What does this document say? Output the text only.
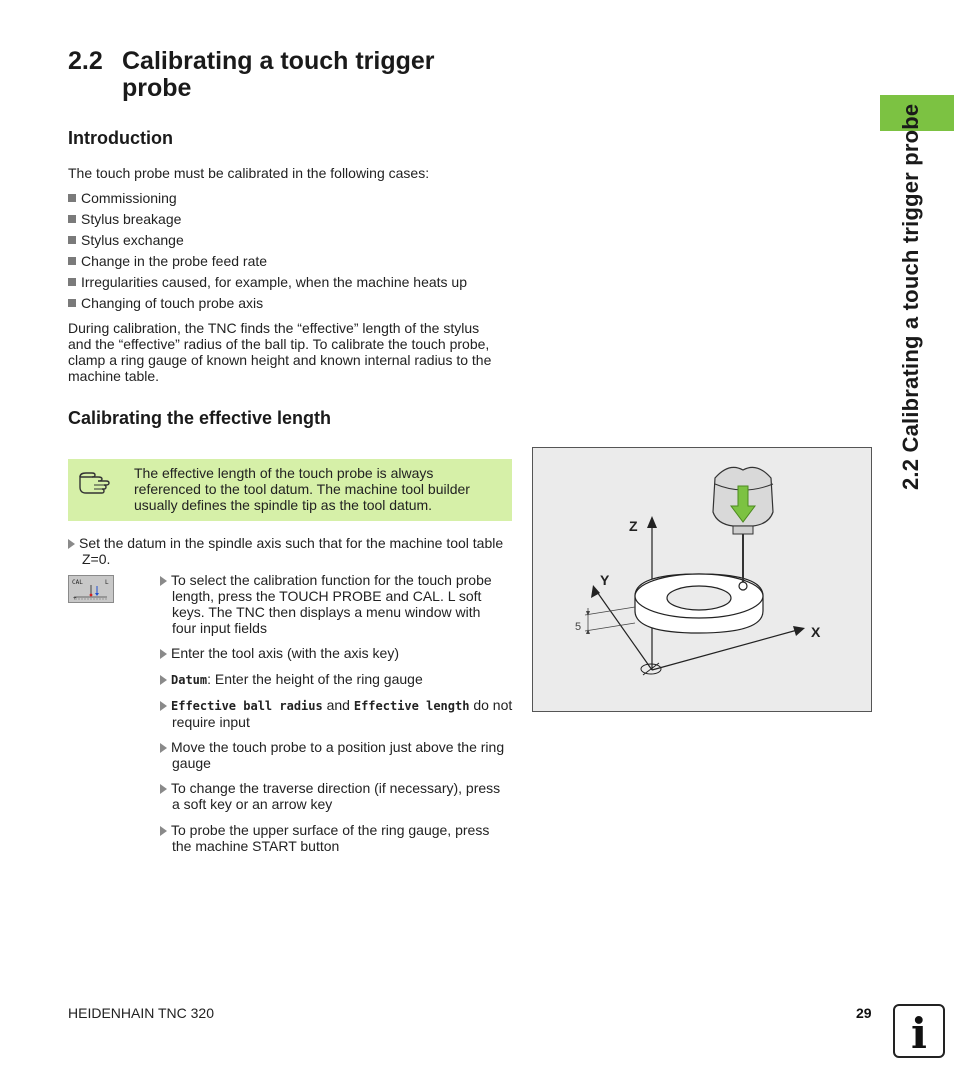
2.2 Calibrating a touch trigger probe
2.2 Calibrating a touch trigger probe
Introduction
The touch probe must be calibrated in the following cases:
Commissioning
Stylus breakage
Stylus exchange
Change in the probe feed rate
Irregularities caused, for example, when the machine heats up
Changing of touch probe axis
During calibration, the TNC finds the “effective” length of the stylus
and the “effective” radius of the ball tip. To calibrate the touch probe,
clamp a ring gauge of known height and known internal radius to the
machine table.
Calibrating the effective length
The effective length of the touch probe is always
referenced to the tool datum. The machine tool builder
usually defines the spindle tip as the tool datum.
Set the datum in the spindle axis such that for the machine tool table
Z=0.
CAL	L
+
To select the calibration function for the touch probe
length, press the TOUCH PROBE and CAL. L soft
keys. The TNC then displays a menu window with
four input fields
Enter the tool axis (with the axis key)
Datum: Enter the height of the ring gauge
Effective ball radius and Effective length do not
require input
Move the touch probe to a position just above the ring
gauge
To change the traverse direction (if necessary), press
a soft key or an arrow key
To probe the upper surface of the ring gauge, press
the machine START button
Z
X
Y
5
HEIDENHAIN TNC 320	29 i
